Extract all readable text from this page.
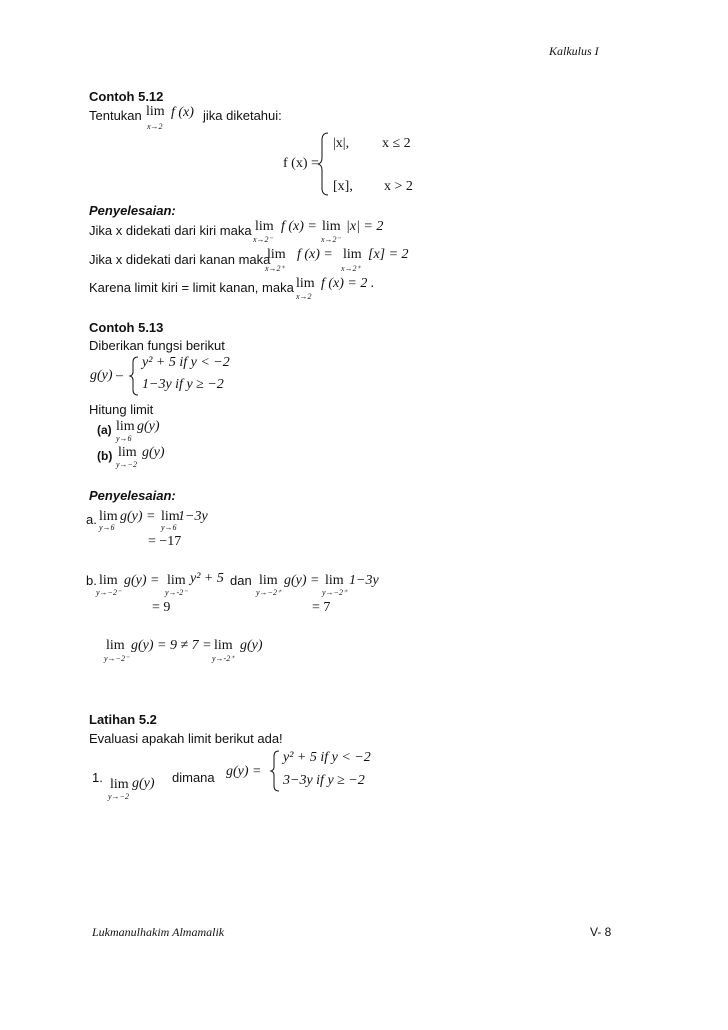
Kalkulus I
Contoh 5.12
Tentukan lim
x→2
f (x) jika diketahui:
f (x) =
|x|, x ≤ 2
[x], x > 2
Penyelesaian:
Jika x didekati dari kiri maka lim
x→2⁻
f (x) = lim
x→2⁻
|x| = 2
Jika x didekati dari kanan maka
lim
x→2⁺
f (x) = lim
x→2⁺
[x] = 2
Karena limit kiri = limit kanan, maka lim
x→2
f (x) = 2 .
Contoh 5.13
Diberikan fungsi berikut
g(y) –
y² + 5 if y < −2
1−3y if y ≥ −2
Hitung limit
(a) lim
y→6
g(y)
(b) lim
y→−2
g(y)
Penyelesaian:
a. lim
y→6
g(y) = lim
y→6
1−3y
= −17
b. lim
y→−2⁻
g(y) = lim
y→-2⁻
y² + 5 dan lim
y→−2⁺
g(y) = lim
y→−2⁺
1−3y
= 9	= 7
lim
y→−2⁻
g(y) = 9 ≠ 7 = lim
y→-2⁺
g(y)
Latihan 5.2
Evaluasi apakah limit berikut ada!
1. lim
y→−2
g(y) dimana g(y) =
y² + 5 if y < −2
3−3y if y ≥ −2
Lukmanulhakim Almamalik	V- 8
